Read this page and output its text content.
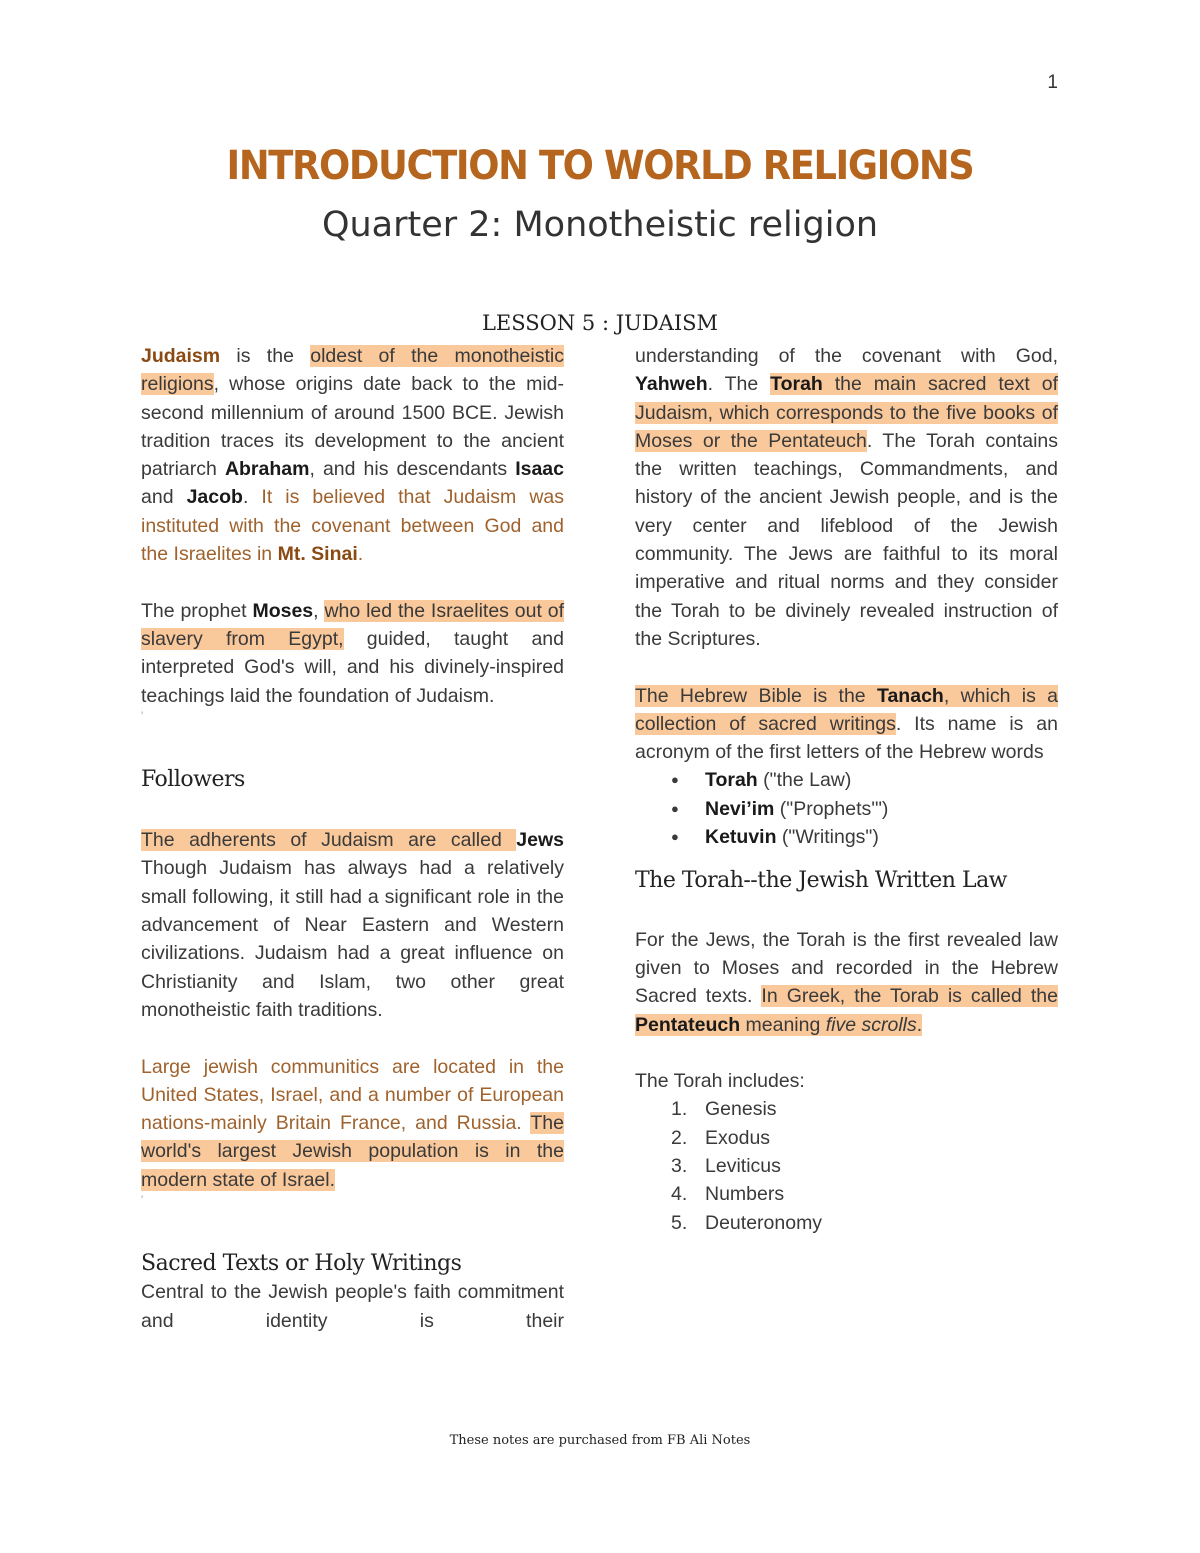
1
INTRODUCTION TO WORLD RELIGIONS
Quarter 2: Monotheistic religion
LESSON 5 : JUDAISM

Judaism is the oldest of the monotheistic religions, whose origins date back to the mid-second millennium of around 1500 BCE. Jewish tradition traces its development to the ancient patriarch Abraham, and his descendants Isaac and Jacob. It is believed that Judaism was instituted with the covenant between God and the Israelites in Mt. Sinai.

The prophet Moses, who led the Israelites out of slavery from Egypt, guided, taught and interpreted God's will, and his divinely-inspired teachings laid the foundation of Judaism.

'

Followers

The adherents of Judaism are called Jews Though Judaism has always had a relatively small following, it still had a significant role in the advancement of Near Eastern and Western civilizations. Judaism had a great influence on Christianity and Islam, two other great monotheistic faith traditions.

Large jewish communitics are located in the United States, Israel, and a number of European nations-mainly Britain France, and Russia. The world's largest Jewish population is in the modern state of Israel.

'

Sacred Texts or Holy Writings

Central to the Jewish people's faith commitment and identity is their

understanding of the covenant with God, Yahweh. The Torah the main sacred text of Judaism, which corresponds to the five books of Moses or the Pentateuch. The Torah contains the written teachings, Commandments, and history of the ancient Jewish people, and is the very center and lifeblood of the Jewish community. The Jews are faithful to its moral imperative and ritual norms and they consider the Torah to be divinely revealed instruction of the Scriptures.

The Hebrew Bible is the Tanach, which is a collection of sacred writings. Its name is an acronym of the first letters of the Hebrew words

● Torah ("the Law)
● Nevi’im ("Prophets'")
● Ketuvin ("Writings")

The Torah--the Jewish Written Law

For the Jews, the Torah is the first revealed law given to Moses and recorded in the Hebrew Sacred texts. In Greek, the Torab is called the Pentateuch meaning five scrolls.

The Torah includes:

1. Genesis
2. Exodus
3. Leviticus
4. Numbers
5. Deuteronomy
These notes are purchased from FB Ali Notes
